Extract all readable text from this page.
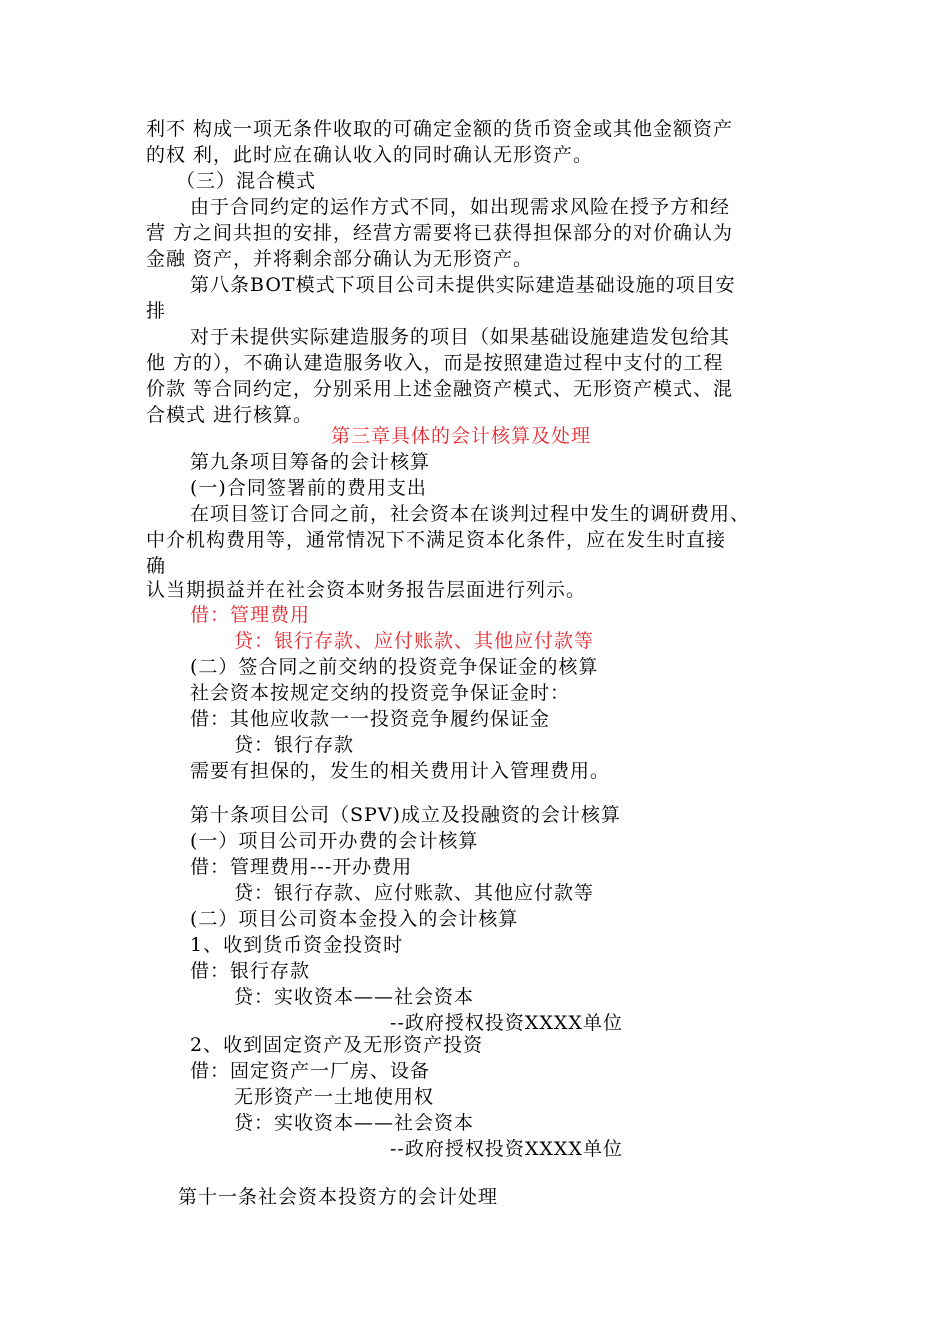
利不 构成一项无条件收取的可确定金额的货币资金或其他金额资产
的权 利，此时应在确认收入的同时确认无形资产。
（三）混合模式
由于合同约定的运作方式不同，如出现需求风险在授予方和经
营 方之间共担的安排，经营方需要将已获得担保部分的对价确认为
金融 资产，并将剩余部分确认为无形资产。
第八条BOT模式下项目公司未提供实际建造基础设施的项目安
排
对于未提供实际建造服务的项目（如果基础设施建造发包给其
他 方的），不确认建造服务收入，而是按照建造过程中支付的工程
价款 等合同约定，分别采用上述金融资产模式、无形资产模式、混
合模式 进行核算。
第三章具体的会计核算及处理
第九条项目筹备的会计核算
(一)合同签署前的费用支出
在项目签订合同之前，社会资本在谈判过程中发生的调研费用、
中介机构费用等，通常情况下不满足资本化条件，应在发生时直接
确
认当期损益并在社会资本财务报告层面进行列示。
借：管理费用
贷：银行存款、应付账款、其他应付款等
(二）签合同之前交纳的投资竞争保证金的核算
社会资本按规定交纳的投资竞争保证金时：
借：其他应收款一一投资竞争履约保证金
贷：银行存款
需要有担保的，发生的相关费用计入管理费用。
第十条项目公司（SPV)成立及投融资的会计核算
(一）项目公司开办费的会计核算
借：管理费用---开办费用
贷：银行存款、应付账款、其他应付款等
(二）项目公司资本金投入的会计核算
1、收到货币资金投资时
借：银行存款
贷：实收资本——社会资本
--政府授权投资XXXX单位
2、收到固定资产及无形资产投资
借：固定资产一厂房、设备
无形资产一土地使用权
贷：实收资本——社会资本
--政府授权投资XXXX单位
第十一条社会资本投资方的会计处理
